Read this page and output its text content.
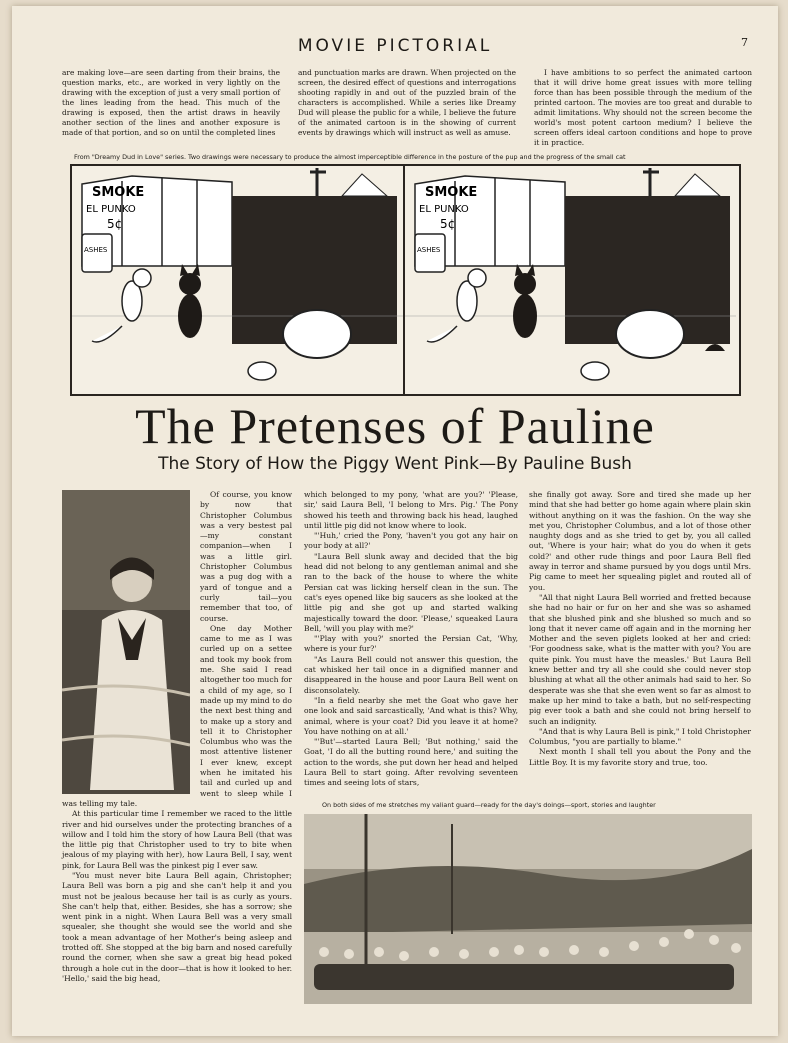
MOVIE PICTORIAL	7

are making love—are seen darting from their brains, the question marks, etc., are worked in very lightly on the drawing with the exception of just a very small portion of the lines leading from the head. This much of the drawing is exposed, then the artist draws in heavily another section of the lines and another exposure is made of that portion, and so on until the completed lines

and punctuation marks are drawn. When projected on the screen, the desired effect of questions and interrogations shooting rapidly in and out of the puzzled brain of the characters is accomplished. While a series like Dreamy Dud will please the public for a while, I believe the future of the animated cartoon is in the showing of current events by drawings which will instruct as well as amuse.

I have ambitions to so perfect the animated cartoon that it will drive home great issues with more telling force than has been possible through the medium of the printed cartoon. The movies are too great and durable to admit limitations. Why should not the screen become the world's most potent cartoon medium? I believe the screen offers ideal cartoon conditions and hope to prove it in practice.

From "Dreamy Dud in Love" series. Two drawings were necessary to produce the almost imperceptible difference in the posture of the pup and the progress of the small cat
SMOKE
EL PUNKO
5¢
ASHES
SMOKE
EL PUNKO
5¢
ASHES
The Pretenses of Pauline
The Story of How the Piggy Went Pink—By Pauline Bush

Of course, you know by now that Christopher Columbus was a very bestest pal—my constant companion—when I was a little girl. Christopher Columbus was a pug dog with a yard of tongue and a curly tail—you remember that too, of course.

One day Mother came to me as I was curled up on a settee and took my book from me. She said I read altogether too much for a child of my age, so I made up my mind to do the next best thing and to make up a story and tell it to Christopher Columbus who was the most attentive listener I ever knew, except when he imitated his tail and curled up and went to sleep while I was telling my tale.

At this particular time I remember we raced to the little river and hid ourselves under the protecting branches of a willow and I told him the story of how Laura Bell (that was the little pig that Christopher used to try to bite when jealous of my playing with her), how Laura Bell, I say, went pink, for Laura Bell was the pinkest pig I ever saw.

"You must never bite Laura Bell again, Christopher; Laura Bell was born a pig and she can't help it and you must not be jealous because her tail is as curly as yours. She can't help that, either. Besides, she has a sorrow; she went pink in a night. When Laura Bell was a very small squealer, she thought she would see the world and she took a mean advantage of her Mother's being asleep and trotted off. She stopped at the big barn and nosed carefully round the corner, when she saw a great big head poked through a hole cut in the door—that is how it looked to her. 'Hello,' said the big head,

which belonged to my pony, 'what are you?' 'Please, sir,' said Laura Bell, 'I belong to Mrs. Pig.' The Pony showed his teeth and throwing back his head, laughed until little pig did not know where to look.

"'Huh,' cried the Pony, 'haven't you got any hair on your body at all?'

"Laura Bell slunk away and decided that the big head did not belong to any gentleman animal and she ran to the back of the house to where the white Persian cat was licking herself clean in the sun. The cat's eyes opened like big saucers as she looked at the little pig and she got up and started walking majestically toward the door. 'Please,' squeaked Laura Bell, 'will you play with me?'

"'Play with you?' snorted the Persian Cat, 'Why, where is your fur?'

"As Laura Bell could not answer this question, the cat whisked her tail once in a dignified manner and disappeared in the house and poor Laura Bell went on disconsolately.

"In a field nearby she met the Goat who gave her one look and said sarcastically, 'And what is this? Why, animal, where is your coat? Did you leave it at home? You have nothing on at all.'

"'But'—started Laura Bell; 'But nothing,' said the Goat, 'I do all the butting round here,' and suiting the action to the words, she put down her head and helped Laura Bell to start going. After revolving seventeen times and seeing lots of stars,

she finally got away. Sore and tired she made up her mind that she had better go home again where plain skin without anything on it was the fashion. On the way she met you, Christopher Columbus, and a lot of those other naughty dogs and as she tried to get by, you all called out, 'Where is your hair; what do you do when it gets cold?' and other rude things and poor Laura Bell fled away in terror and shame pursued by you dogs until Mrs. Pig came to meet her squealing piglet and routed all of you.

"All that night Laura Bell worried and fretted because she had no hair or fur on her and she was so ashamed that she blushed pink and she blushed so much and so long that it never came off again and in the morning her Mother and the seven piglets looked at her and cried: 'For goodness sake, what is the matter with you? You are quite pink. You must have the measles.' But Laura Bell knew better and try all she could she could never stop blushing at what all the other animals had said to her. So desperate was she that she even went so far as almost to make up her mind to take a bath, but no self-respecting pig ever took a bath and she could not bring herself to such an indignity.

"And that is why Laura Bell is pink," I told Christopher Columbus, "you are partially to blame."

Next month I shall tell you about the Pony and the Little Boy. It is my favorite story and true, too.

On both sides of me stretches my valiant guard—ready for the day's doings—sport, stories and laughter
